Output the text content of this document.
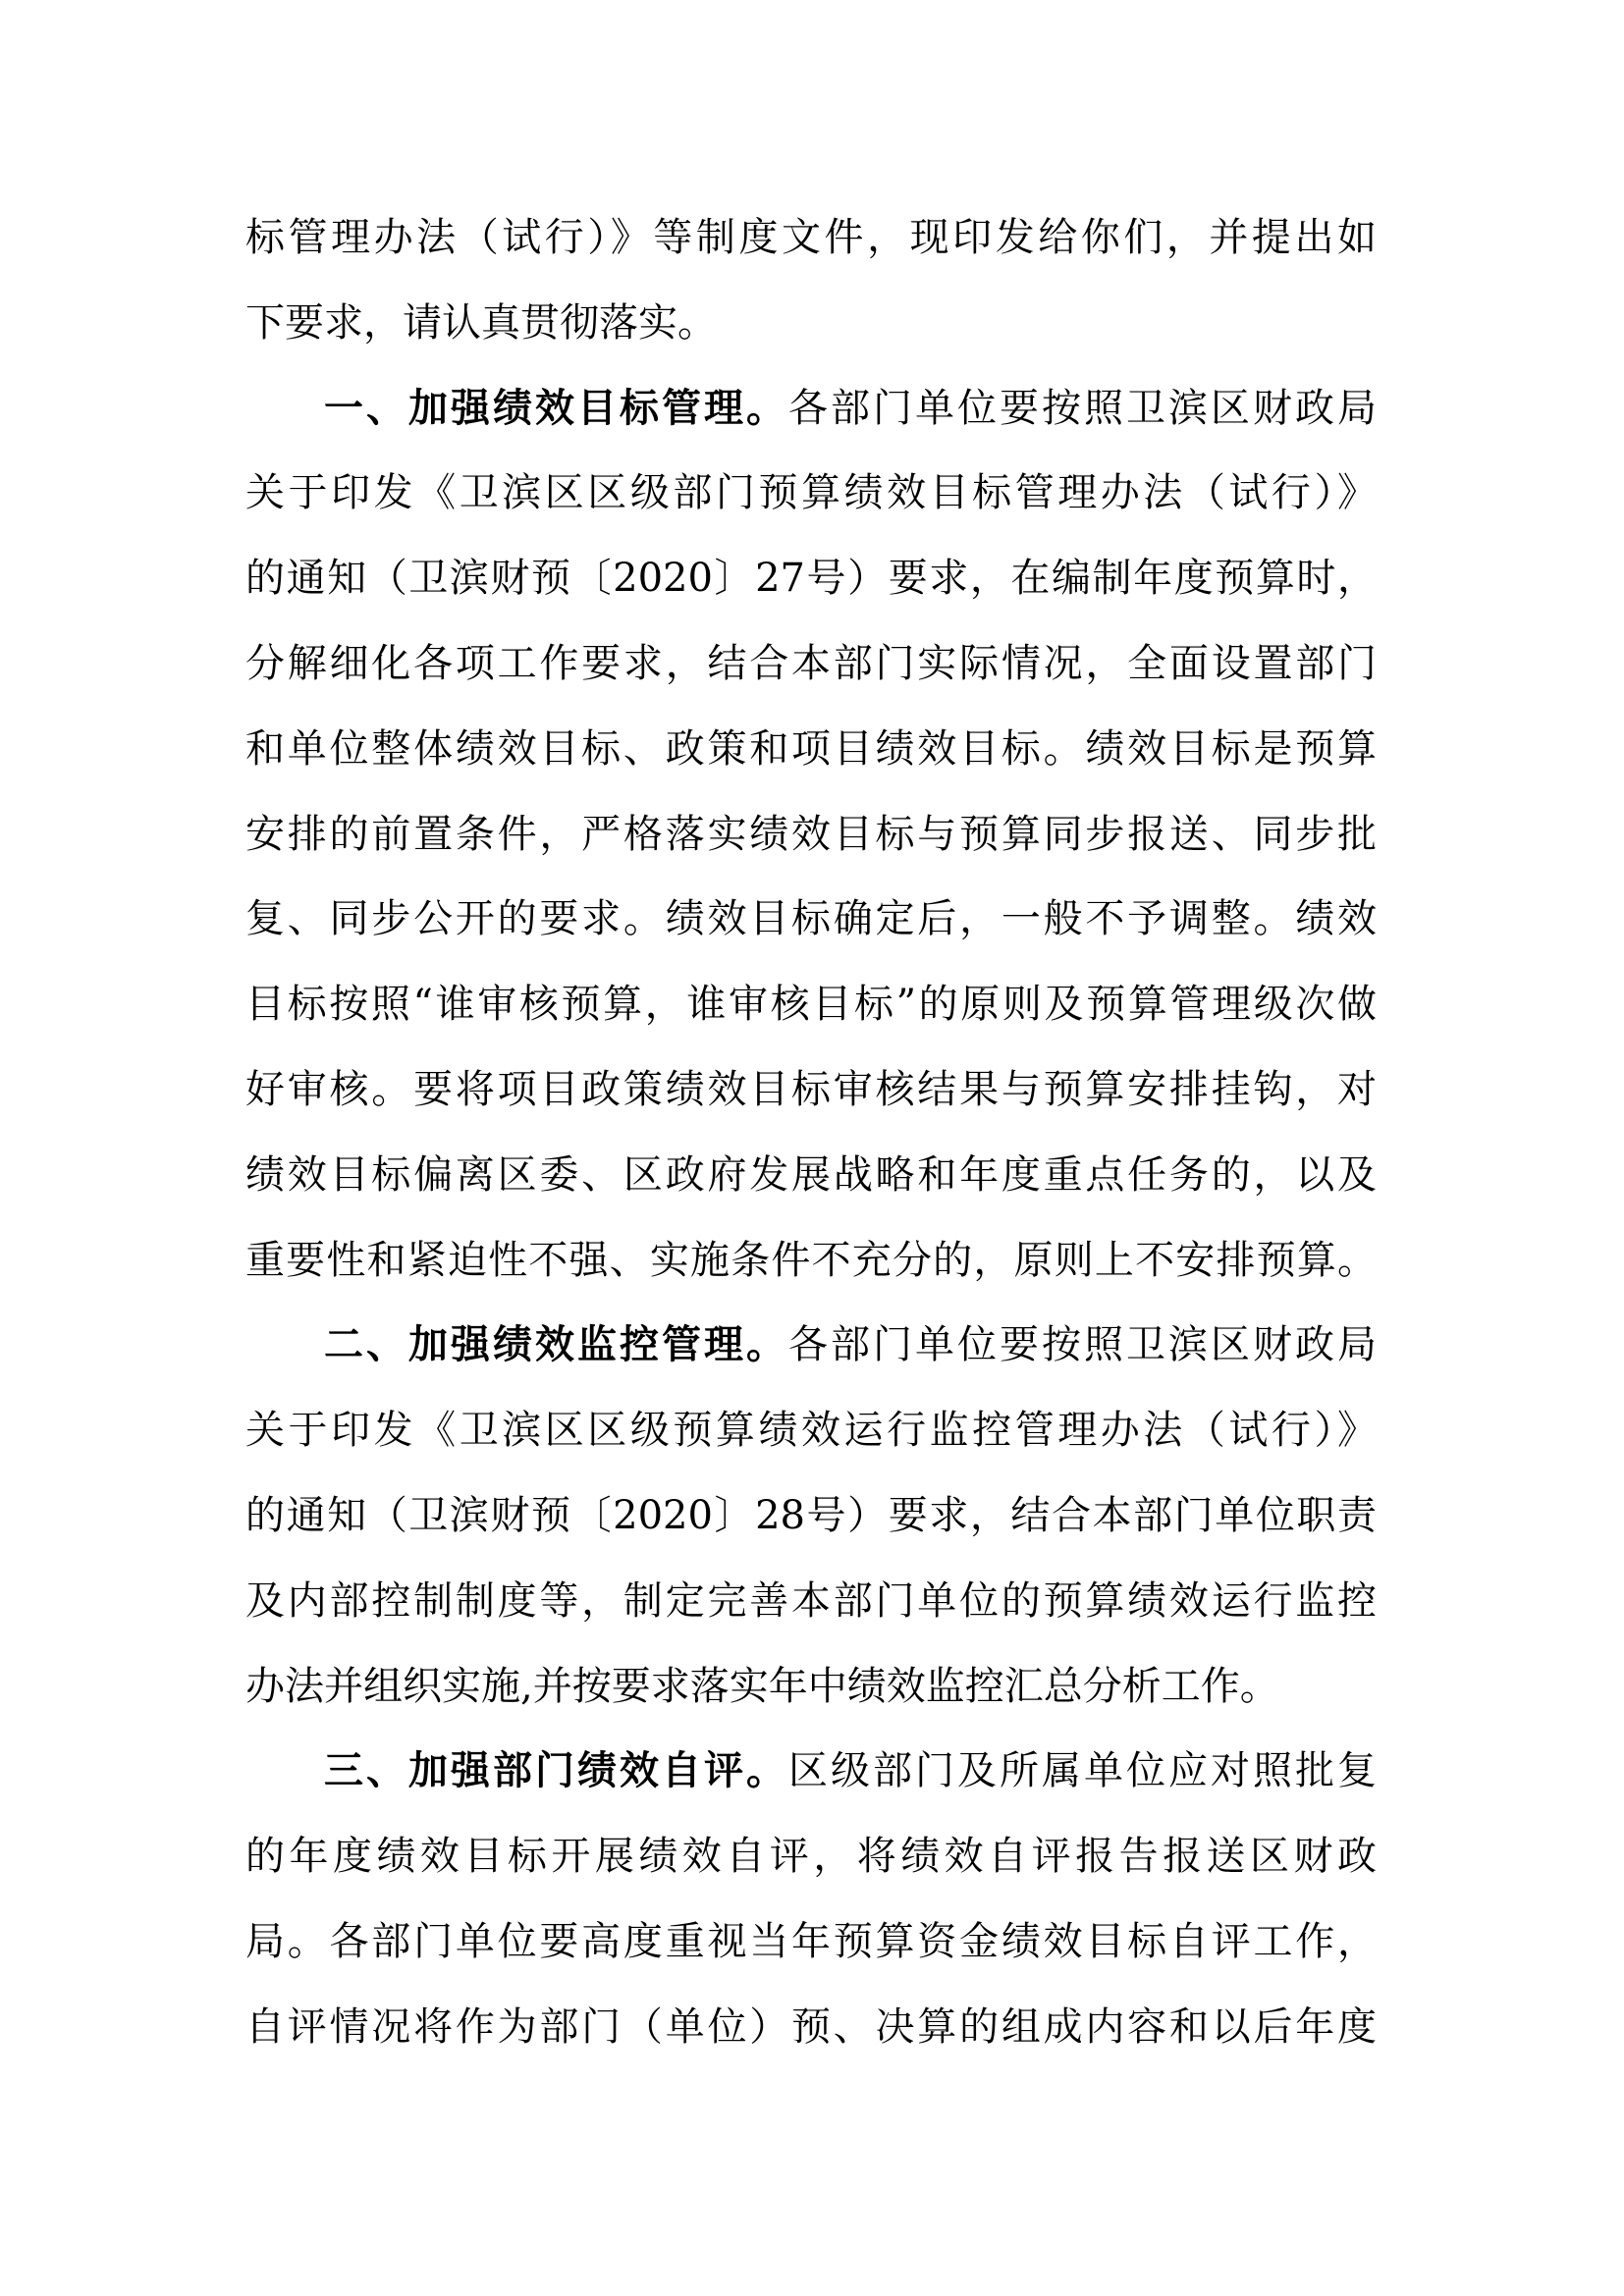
标管理办法（试行）》等制度文件，现印发给你们，并提出如
下要求，请认真贯彻落实。
一、加强绩效目标管理。各部门单位要按照卫滨区财政局
关于印发《卫滨区区级部门预算绩效目标管理办法（试行）》
的通知（卫滨财预〔2020〕27号）要求，在编制年度预算时，
分解细化各项工作要求，结合本部门实际情况，全面设置部门
和单位整体绩效目标、政策和项目绩效目标。绩效目标是预算
安排的前置条件，严格落实绩效目标与预算同步报送、同步批
复、同步公开的要求。绩效目标确定后，一般不予调整。绩效
目标按照“谁审核预算，谁审核目标”的原则及预算管理级次做
好审核。要将项目政策绩效目标审核结果与预算安排挂钩，对
绩效目标偏离区委、区政府发展战略和年度重点任务的，以及
重要性和紧迫性不强、实施条件不充分的，原则上不安排预算。
二、加强绩效监控管理。各部门单位要按照卫滨区财政局
关于印发《卫滨区区级预算绩效运行监控管理办法（试行）》
的通知（卫滨财预〔2020〕28号）要求，结合本部门单位职责
及内部控制制度等，制定完善本部门单位的预算绩效运行监控
办法并组织实施,并按要求落实年中绩效监控汇总分析工作。
三、加强部门绩效自评。区级部门及所属单位应对照批复
的年度绩效目标开展绩效自评，将绩效自评报告报送区财政
局。各部门单位要高度重视当年预算资金绩效目标自评工作，
自评情况将作为部门（单位）预、决算的组成内容和以后年度
